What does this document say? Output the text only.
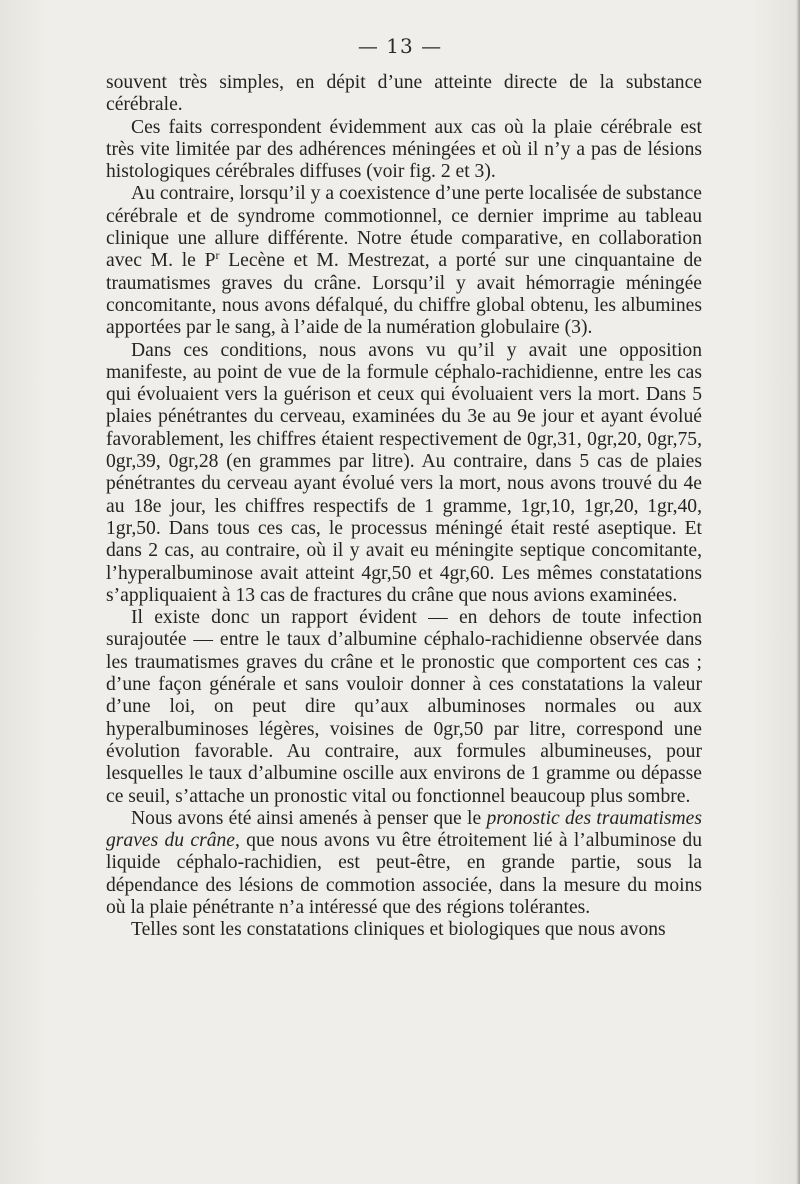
— 13 —

souvent très simples, en dépit d’une atteinte directe de la substance cérébrale.

Ces faits correspondent évidemment aux cas où la plaie cérébrale est très vite limitée par des adhérences méningées et où il n’y a pas de lésions histologiques cérébrales diffuses (voir fig. 2 et 3).

Au contraire, lorsqu’il y a coexistence d’une perte localisée de substance cérébrale et de syndrome commotionnel, ce dernier imprime au tableau clinique une allure différente. Notre étude comparative, en collaboration avec M. le $P^r$ Lecène et M. Mestrezat, a porté sur une cinquantaine de traumatismes graves du crâne. Lorsqu’il y avait hémorragie méningée concomitante, nous avons défalqué, du chiffre global obtenu, les albumines apportées par le sang, à l’aide de la numération globulaire (3).

Dans ces conditions, nous avons vu qu’il y avait une opposition manifeste, au point de vue de la formule céphalo-rachidienne, entre les cas qui évoluaient vers la guérison et ceux qui évoluaient vers la mort. Dans 5 plaies pénétrantes du cerveau, examinées du 3e au 9e jour et ayant évolué favorablement, les chiffres étaient respectivement de 0gr,31, 0gr,20, 0gr,75, 0gr,39, 0gr,28 (en grammes par litre). Au contraire, dans 5 cas de plaies pénétrantes du cerveau ayant évolué vers la mort, nous avons trouvé du 4e au 18e jour, les chiffres respectifs de 1 gramme, 1gr,10, 1gr,20, 1gr,40, 1gr,50. Dans tous ces cas, le processus méningé était resté aseptique. Et dans 2 cas, au contraire, où il y avait eu méningite septique concomitante, l’hyperalbuminose avait atteint 4gr,50 et 4gr,60. Les mêmes constatations s’appliquaient à 13 cas de fractures du crâne que nous avions examinées.

Il existe donc un rapport évident — en dehors de toute infection surajoutée — entre le taux d’albumine céphalo-rachidienne observée dans les traumatismes graves du crâne et le pronostic que comportent ces cas ; d’une façon générale et sans vouloir donner à ces constatations la valeur d’une loi, on peut dire qu’aux albuminoses normales ou aux hyperalbuminoses légères, voisines de 0gr,50 par litre, correspond une évolution favorable. Au contraire, aux formules albumineuses, pour lesquelles le taux d’albumine oscille aux environs de 1 gramme ou dépasse ce seuil, s’attache un pronostic vital ou fonctionnel beaucoup plus sombre.

Nous avons été ainsi amenés à penser que le pronostic des traumatismes graves du crâne, que nous avons vu être étroitement lié à l’albuminose du liquide céphalo-rachidien, est peut-être, en grande partie, sous la dépendance des lésions de commotion associée, dans la mesure du moins où la plaie pénétrante n’a intéressé que des régions tolérantes.

Telles sont les constatations cliniques et biologiques que nous avons
